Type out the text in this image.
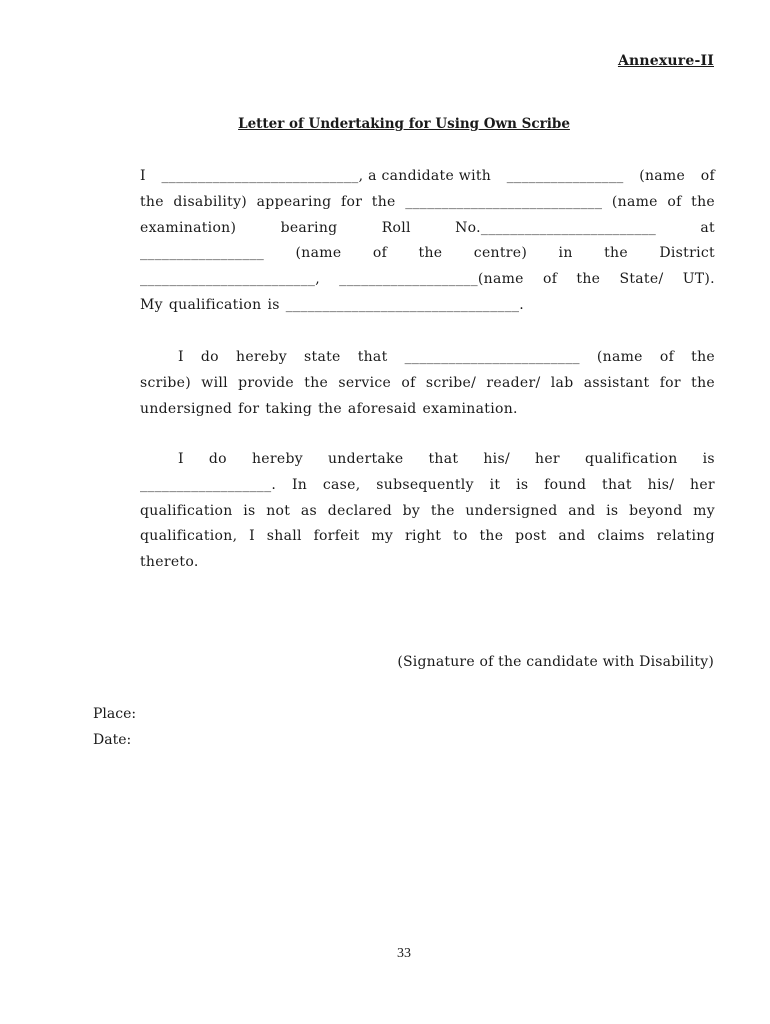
Annexure-II
Letter of Undertaking for Using Own Scribe
I ___________________________, a candidate with ________________ (name of
the disability) appearing for the ___________________________ (name of the
examination)	bearing	Roll	No.________________________	at
_________________ (name of the centre) in the District
________________________, ___________________(name of the State/ UT).
My qualification is ________________________________.
I do hereby state that ________________________ (name of the
scribe) will provide the service of scribe/ reader/ lab assistant for the
undersigned for taking the aforesaid examination.
I do hereby undertake that his/ her qualification is
__________________. In case, subsequently it is found that his/ her
qualification is not as declared by the undersigned and is beyond my
qualification, I shall forfeit my right to the post and claims relating
thereto.
(Signature of the candidate with Disability)
Place:
Date:
33
